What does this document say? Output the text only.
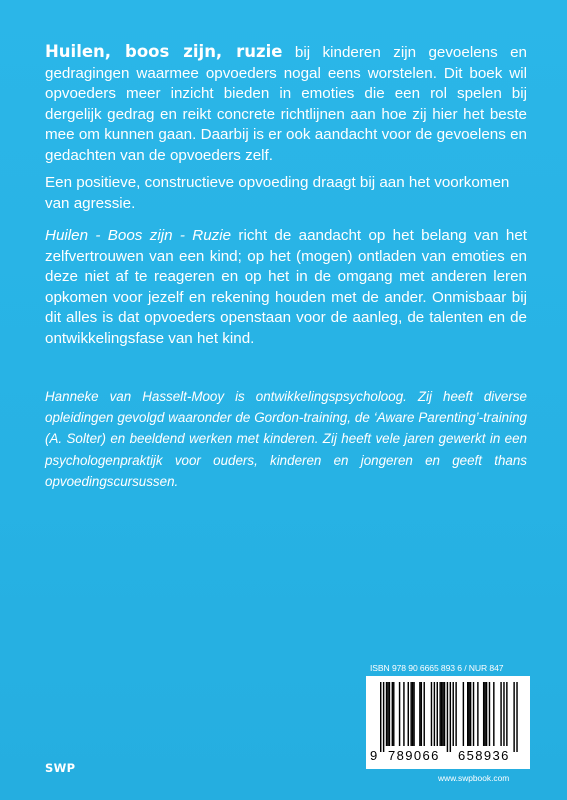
Huilen, boos zijn, ruzie bij kinderen zijn gevoelens en gedragingen waarmee opvoeders nogal eens worstelen. Dit boek wil opvoeders meer inzicht bieden in emoties die een rol spelen bij dergelijk gedrag en reikt concrete richtlijnen aan hoe zij hier het beste mee om kunnen gaan. Daarbij is er ook aandacht voor de gevoelens en gedachten van de opvoeders zelf.

Een positieve, constructieve opvoeding draagt bij aan het voorkomen van agressie.

Huilen - Boos zijn - Ruzie richt de aandacht op het belang van het zelfvertrouwen van een kind; op het (mogen) ontladen van emoties en deze niet af te reageren en op het in de omgang met anderen leren opkomen voor jezelf en rekening houden met de ander. Onmisbaar bij dit alles is dat opvoeders openstaan voor de aanleg, de talenten en de ontwikkelingsfase van het kind.

Hanneke van Hasselt-Mooy is ontwikkelingspsycholoog. Zij heeft diverse opleidingen gevolgd waaronder de Gordon-training, de ‘Aware Parenting’-training (A. Solter) en beeldend werken met kinderen. Zij heeft vele jaren gewerkt in een psychologenpraktijk voor ouders, kinderen en jongeren en geeft thans opvoedingscursussen.

ISBN 978 90 6665 893 6 / NUR 847
9 789066 658936
www.swpbook.com
SWP
